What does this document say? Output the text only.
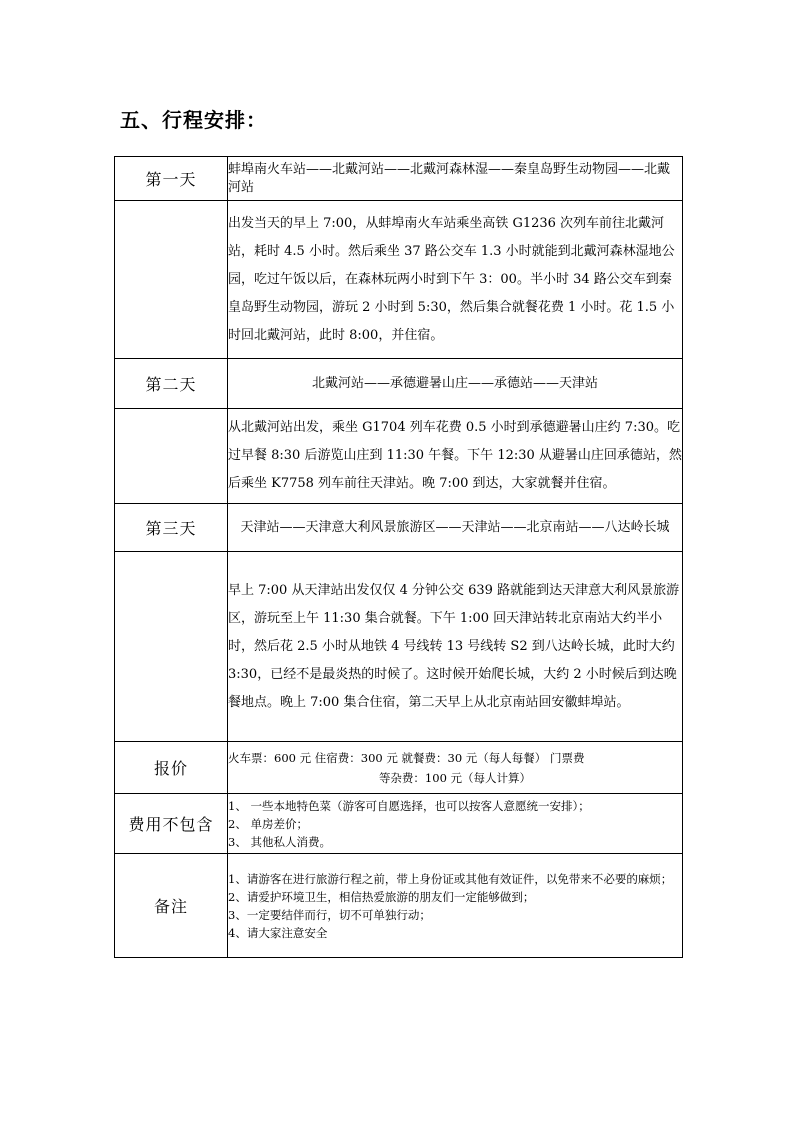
五、行程安排：
第一天	蚌埠南火车站——北戴河站——北戴河森林湿——秦皇岛野生动物园——北戴河站
	出发当天的早上 7:00，从蚌埠南火车站乘坐高铁 G1236 次列车前往北戴河站，耗时 4.5 小时。然后乘坐 37 路公交车 1.3 小时就能到北戴河森林湿地公园，吃过午饭以后，在森林玩两小时到下午 3：00。半小时 34 路公交车到秦皇岛野生动物园，游玩 2 小时到 5:30，然后集合就餐花费 1 小时。花 1.5 小时回北戴河站，此时 8:00，并住宿。
第二天	北戴河站——承德避暑山庄——承德站——天津站
	从北戴河站出发，乘坐 G1704 列车花费 0.5 小时到承德避暑山庄约 7:30。吃过早餐 8:30 后游览山庄到 11:30 午餐。下午 12:30 从避暑山庄回承德站，然后乘坐 K7758 列车前往天津站。晚 7:00 到达，大家就餐并住宿。
第三天	天津站——天津意大利风景旅游区——天津站——北京南站——八达岭长城
	早上 7:00 从天津站出发仅仅 4 分钟公交 639 路就能到达天津意大利风景旅游区，游玩至上午 11:30 集合就餐。下午 1:00 回天津站转北京南站大约半小时，然后花 2.5 小时从地铁 4 号线转 13 号线转 S2 到八达岭长城，此时大约 3:30，已经不是最炎热的时候了。这时候开始爬长城，大约 2 小时候后到达晚餐地点。晚上 7:00 集合住宿，第二天早上从北京南站回安徽蚌埠站。
报价	火车票：600 元 住宿费：300 元 就餐费：30 元（每人每餐） 门票费
等杂费：100 元（每人计算）

费用不包含	1、 一些本地特色菜（游客可自愿选择，也可以按客人意愿统一安排）；
2、 单房差价；
3、 其他私人消费。

备注	1、请游客在进行旅游行程之前，带上身份证或其他有效证件，以免带来不必要的麻烦；
2、请爱护环境卫生，相信热爱旅游的朋友们一定能够做到；
3、一定要结伴而行，切不可单独行动；
4、请大家注意安全
